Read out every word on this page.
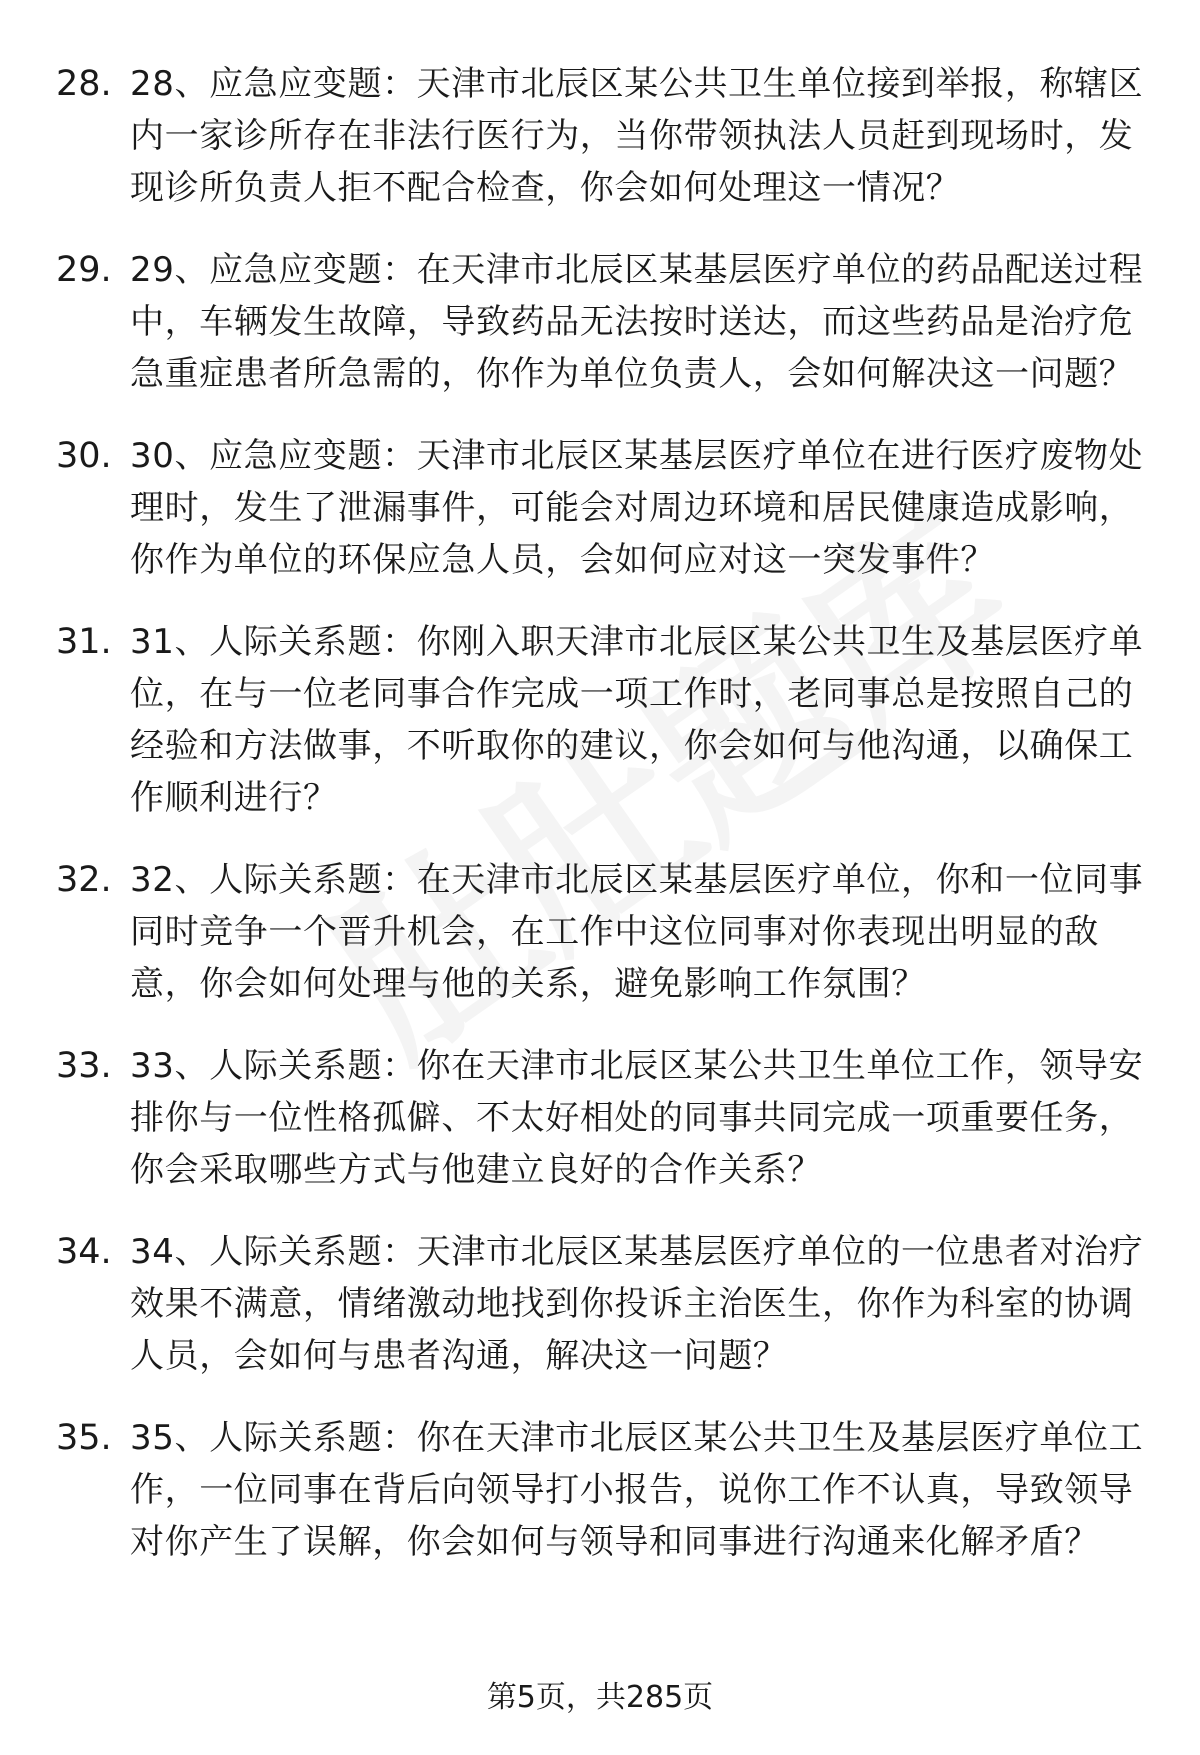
28. 28、应急应变题：天津市北辰区某公共卫生单位接到举报，称辖区内一家诊所存在非法行医行为，当你带领执法人员赶到现场时，发现诊所负责人拒不配合检查，你会如何处理这一情况？
29. 29、应急应变题：在天津市北辰区某基层医疗单位的药品配送过程中，车辆发生故障，导致药品无法按时送达，而这些药品是治疗危急重症患者所急需的，你作为单位负责人，会如何解决这一问题？
30. 30、应急应变题：天津市北辰区某基层医疗单位在进行医疗废物处理时，发生了泄漏事件，可能会对周边环境和居民健康造成影响，你作为单位的环保应急人员，会如何应对这一突发事件？
31. 31、人际关系题：你刚入职天津市北辰区某公共卫生及基层医疗单位，在与一位老同事合作完成一项工作时，老同事总是按照自己的经验和方法做事，不听取你的建议，你会如何与他沟通，以确保工作顺利进行？
32. 32、人际关系题：在天津市北辰区某基层医疗单位，你和一位同事同时竞争一个晋升机会，在工作中这位同事对你表现出明显的敌意，你会如何处理与他的关系，避免影响工作氛围？
33. 33、人际关系题：你在天津市北辰区某公共卫生单位工作，领导安排你与一位性格孤僻、不太好相处的同事共同完成一项重要任务，你会采取哪些方式与他建立良好的合作关系？
34. 34、人际关系题：天津市北辰区某基层医疗单位的一位患者对治疗效果不满意，情绪激动地找到你投诉主治医生，你作为科室的协调人员，会如何与患者沟通，解决这一问题？
35. 35、人际关系题：你在天津市北辰区某公共卫生及基层医疗单位工作，一位同事在背后向领导打小报告，说你工作不认真，导致领导对你产生了误解，你会如何与领导和同事进行沟通来化解矛盾？
第5页，共285页
